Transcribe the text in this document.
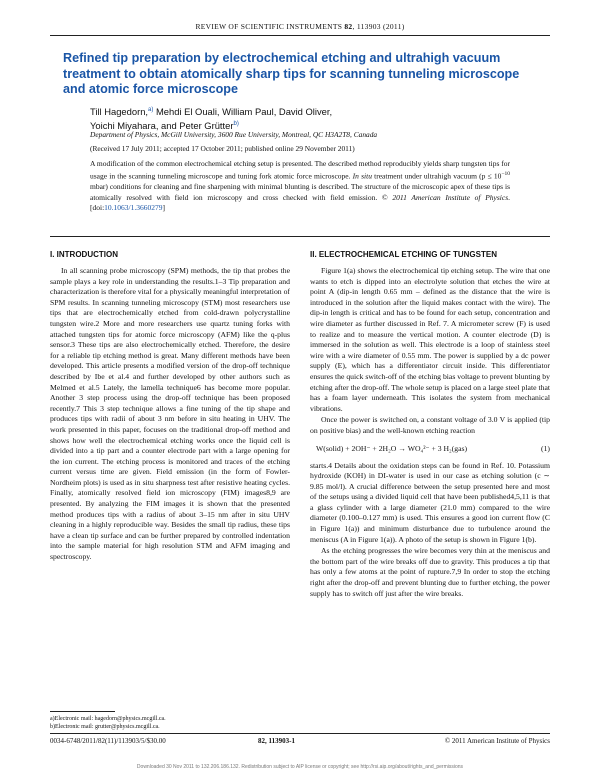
REVIEW OF SCIENTIFIC INSTRUMENTS 82, 113903 (2011)
Refined tip preparation by electrochemical etching and ultrahigh vacuum treatment to obtain atomically sharp tips for scanning tunneling microscope and atomic force microscope
Till Hagedorn,$^{a)}$ Mehdi El Ouali, William Paul, David Oliver,
Yoichi Miyahara, and Peter Grütter$^{b)}$
Department of Physics, McGill University, 3600 Rue University, Montreal, QC H3A2T8, Canada
(Received 17 July 2011; accepted 17 October 2011; published online 29 November 2011)
A modification of the common electrochemical etching setup is presented. The described method reproducibly yields sharp tungsten tips for usage in the scanning tunneling microscope and tuning fork atomic force microscope. In situ treatment under ultrahigh vacuum ($p \le 10^{-10}$ mbar) conditions for cleaning and fine sharpening with minimal blunting is described. The structure of the microscopic apex of these tips is atomically resolved with field ion microscopy and cross checked with field emission. © 2011 American Institute of Physics. [doi:10.1063/1.3660279]
I. INTRODUCTION

In all scanning probe microscopy (SPM) methods, the tip that probes the sample plays a key role in understanding the results.1–3 Tip preparation and characterization is therefore vital for a physically meaningful interpretation of SPM results. In scanning tunneling microscopy (STM) most researchers use tips that are electrochemically etched from cold-drawn polycrystalline tungsten wire.2 More and more researchers use quartz tuning forks with attached tungsten tips for atomic force microscopy (AFM) like the q-plus sensor.3 These tips are also electrochemically etched. Therefore, the desire for a reliable tip etching method is great. Many different methods have been developed. This article presents a modified version of the drop-off technique described by Ibe et al.4 and further developed by other authors such as Melmed et al.5 Lately, the lamella technique6 has become more popular. Another 3 step process using the drop-off technique has been proposed recently.7 This 3 step technique allows a fine tuning of the tip shape and produces tips with radii of about 3 nm before in situ heating in UHV. The work presented in this paper, focuses on the traditional drop-off method and shows how well the electrochemical etching works once the liquid cell is divided into a tip part and a counter electrode part with a large opening for the ion current. The etching process is monitored and traces of the etching current versus time are given. Field emission (in the form of Fowler-Nordheim plots) is used as in situ sharpness test after resistive heating cycles. Finally, atomically resolved field ion microscopy (FIM) images8,9 are presented. By analyzing the FIM images it is shown that the presented method produces tips with a radius of about 3–15 nm after in situ UHV cleaning in a highly reproducible way. Besides the small tip radius, these tips have a clean tip surface and can be further prepared by controlled indentation into the sample material for high resolution STM and AFM imaging and spectroscopy.

a)Electronic mail: hagedorn@physics.mcgill.ca.
b)Electronic mail: grutter@physics.mcgill.ca.
II. ELECTROCHEMICAL ETCHING OF TUNGSTEN

Figure 1(a) shows the electrochemical tip etching setup. The wire that one wants to etch is dipped into an electrolyte solution that etches the wire at point A (dip-in length 0.65 mm – defined as the distance that the wire is introduced in the solution after the liquid makes contact with the wire). The dip-in length is critical and has to be found for each setup, concentration and wire diameter as further discussed in Ref. 7. A micrometer screw (F) is used to realize and to measure the vertical motion. A counter electrode (D) is immersed in the solution as well. This electrode is a loop of stainless steel wire with a wire diameter of 0.55 mm. The power is supplied by a dc power supply (E), which has a differentiator circuit inside. This differentiator ensures the quick switch-off of the etching bias voltage to prevent blunting by etching after the drop-off. The whole setup is placed on a large steel plate that has a foam layer underneath. This isolates the system from mechanical vibrations.

Once the power is switched on, a constant voltage of 3.0 V is applied (tip on positive bias) and the well-known etching reaction

W(solid) + 2OH⁻ + 2H₂O → WO₄²⁻ + 3 H₂(gas)	(1)

starts.4 Details about the oxidation steps can be found in Ref. 10. Potassium hydroxide (KOH) in DI-water is used in our case as etching solution (c ∼ 9.85 mol/l). A crucial difference between the setup presented here and most of the setups using a divided liquid cell that have been published4,5,11 is that a glass cylinder with a large diameter (21.0 mm) compared to the wire diameter (0.100–0.127 mm) is used. This ensures a good ion current flow (C in Figure 1(a)) and minimum disturbance due to turbulence around the meniscus (A in Figure 1(a)). A photo of the setup is shown in Figure 1(b).

As the etching progresses the wire becomes very thin at the meniscus and the bottom part of the wire breaks off due to gravity. This produces a tip that has only a few atoms at the point of rupture.7,9 In order to stop the etching right after the drop-off and prevent blunting due to further etching, the power supply has to switch off just after the wire breaks.

0034-6748/2011/82(11)/113903/5/$30.00	82, 113903-1	© 2011 American Institute of Physics
Downloaded 30 Nov 2011 to 132.206.186.132. Redistribution subject to AIP license or copyright; see http://rsi.aip.org/about/rights_and_permissions
